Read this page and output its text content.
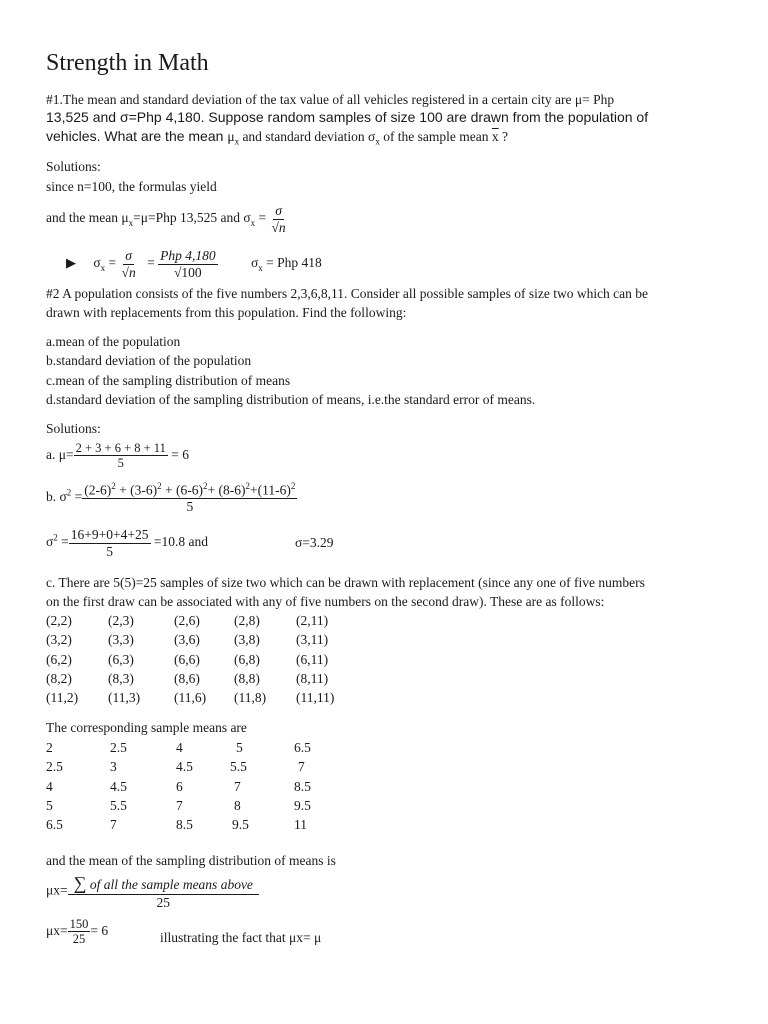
Strength in Math
#1.The mean and standard deviation of the tax value of all vehicles registered in a certain city are μ= Php
13,525 and σ=Php 4,180. Suppose random samples of size 100 are drawn from the population of
vehicles. What are the mean $\mu_x$ and standard deviation $\sigma_x$ of the sample mean $\overline{x}$ ?
Solutions:
since n=100, the formulas yield
and the mean $\mu_x=\mu=Php$ 13,525 and $\sigma_x = \frac{\sigma}{√n}$
▶ $\sigma_x = \frac{\sigma}{√n} = \frac{\text{Php 4,180}}{√100} \sigma_x$ = Php 418
#2 A population consists of the five numbers 2,3,6,8,11. Consider all possible samples of size two which can be
drawn with replacements from this population. Find the following:
a.mean of the population
b.standard deviation of the population
c.mean of the sampling distribution of means
d.standard deviation of the sampling distribution of means, i.e.the standard error of means.
Solutions:
a. $\mu= \frac{2 + 3 + 6 + 8 + 11}{5} = 6$
b. $\sigma^2 = \frac{(2-6)^2 + (3-6)^2 + (6-6)^2+ (8-6)^2+(11-6)^2}{5}$
$\sigma^2 = \frac{16+9+0+4+25}{5} =10.8$ and	σ=3.29
c. There are 5(5)=25 samples of size two which can be drawn with replacement (since any one of five numbers
on the first draw can be associated with any of five numbers on the second draw). These are as follows:
(2,2)	(2,3)	(2,6)	(2,8)	(2,11)
(3,2)	(3,3)	(3,6)	(3,8)	(3,11)
(6,2)	(6,3)	(6,6)	(6,8)	(6,11)
(8,2)	(8,3)	(8,6)	(8,8)	(8,11)
(11,2) (11,3)	(11,6) (11,8) (11,11)
The corresponding sample means are
2	2.5	4	5	6.5
2.5	3	4.5	5.5	7
4	4.5	6	7	8.5
5	5.5	7	8	9.5
6.5	7	8.5	9.5	11
and the mean of the sampling distribution of means is
$\mu x= \frac{\text{∑ of all the sample means above}}{25}$
$\mu x= \frac{150}{25} = 6$	illustrating the fact that μx= μ
